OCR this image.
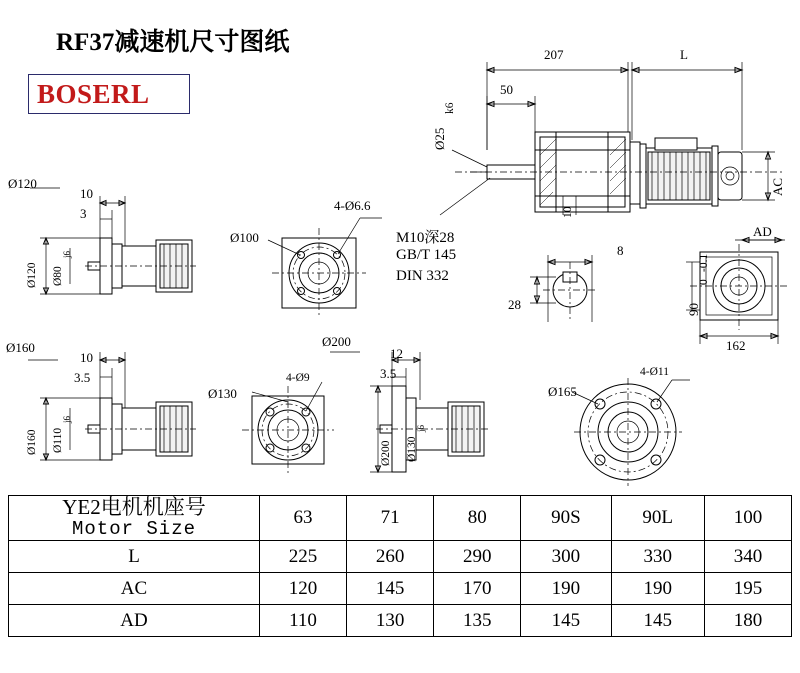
RF37减速机尺寸图纸
BOSERL
207	L
50
Ø25
k6
AC
10
M10深28
GB/T 145
DIN 332
8
28
AD
90
0
-0.1
162
Ø120
10
3
Ø120 Ø80
j6
4-Ø6.6
Ø100
Ø160
10
3.5
Ø160 Ø110
j6
4-Ø9
Ø130
Ø200
12
3.5
Ø200 Ø130
j6
4-Ø11
Ø165
YE2电机机座号
Motor Size	63	71	80	90S	90L	100

L	225	260	290	300	330	340
AC	120	145	170	190	190	195
AD	110	130	135	145	145	180
